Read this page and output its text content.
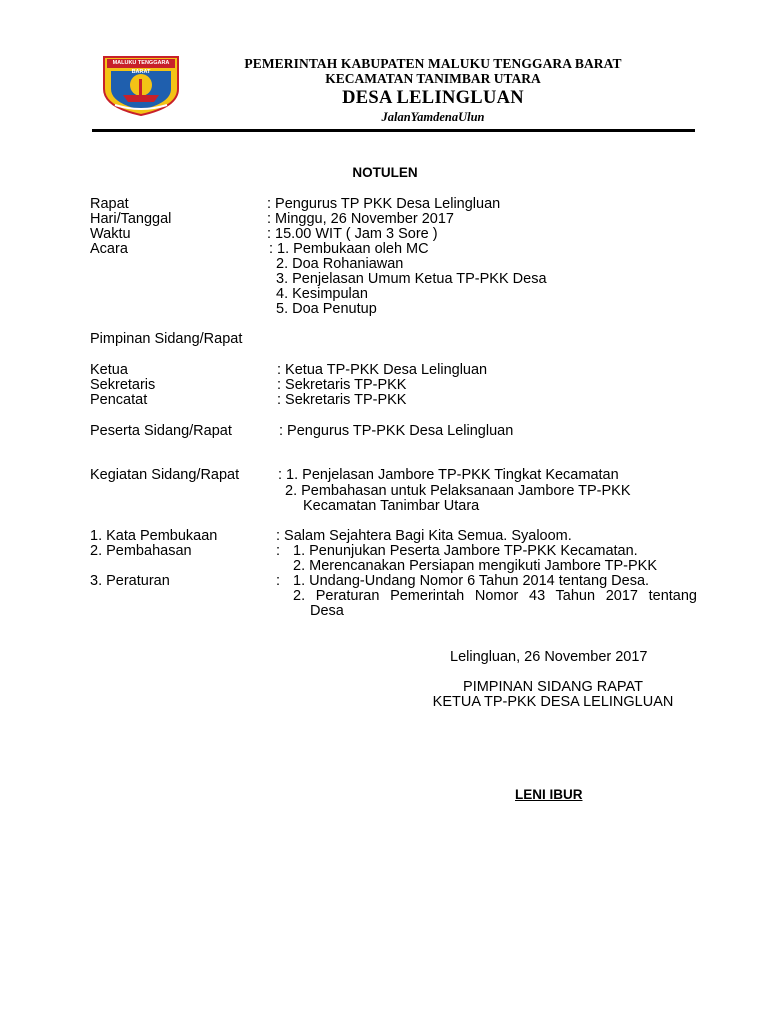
MALUKU TENGGARA BARAT
PEMERINTAH KABUPATEN MALUKU TENGGARA BARAT
KECAMATAN TANIMBAR UTARA
DESA LELINGLUAN
JalanYamdenaUlun
NOTULEN
Rapat	: Pengurus TP PKK Desa Lelingluan
Hari/Tanggal	: Minggu, 26 November 2017
Waktu	: 15.00 WIT ( Jam 3 Sore )
Acara	: 1. Pembukaan oleh MC
2. Doa Rohaniawan
3. Penjelasan Umum Ketua TP-PKK Desa
4. Kesimpulan
5. Doa Penutup
Pimpinan Sidang/Rapat
Ketua	: Ketua TP-PKK Desa Lelingluan
Sekretaris	: Sekretaris TP-PKK
Pencatat	: Sekretaris TP-PKK
Peserta Sidang/Rapat	: Pengurus TP-PKK Desa Lelingluan
Kegiatan Sidang/Rapat	: 1. Penjelasan Jambore TP-PKK Tingkat Kecamatan
2. Pembahasan untuk Pelaksanaan Jambore TP-PKK
Kecamatan Tanimbar Utara
1. Kata Pembukaan	: Salam Sejahtera Bagi Kita Semua. Syaloom.
2. Pembahasan	: 1. Penunjukan Peserta Jambore TP-PKK Kecamatan.
2. Merencanakan Persiapan mengikuti Jambore TP-PKK
3. Peraturan	: 1. Undang-Undang Nomor 6 Tahun 2014 tentang Desa.
2. Peraturan Pemerintah Nomor 43 Tahun 2017 tentang
Desa
Lelingluan, 26 November 2017
PIMPINAN SIDANG RAPAT
KETUA TP-PKK DESA LELINGLUAN
LENI IBUR
